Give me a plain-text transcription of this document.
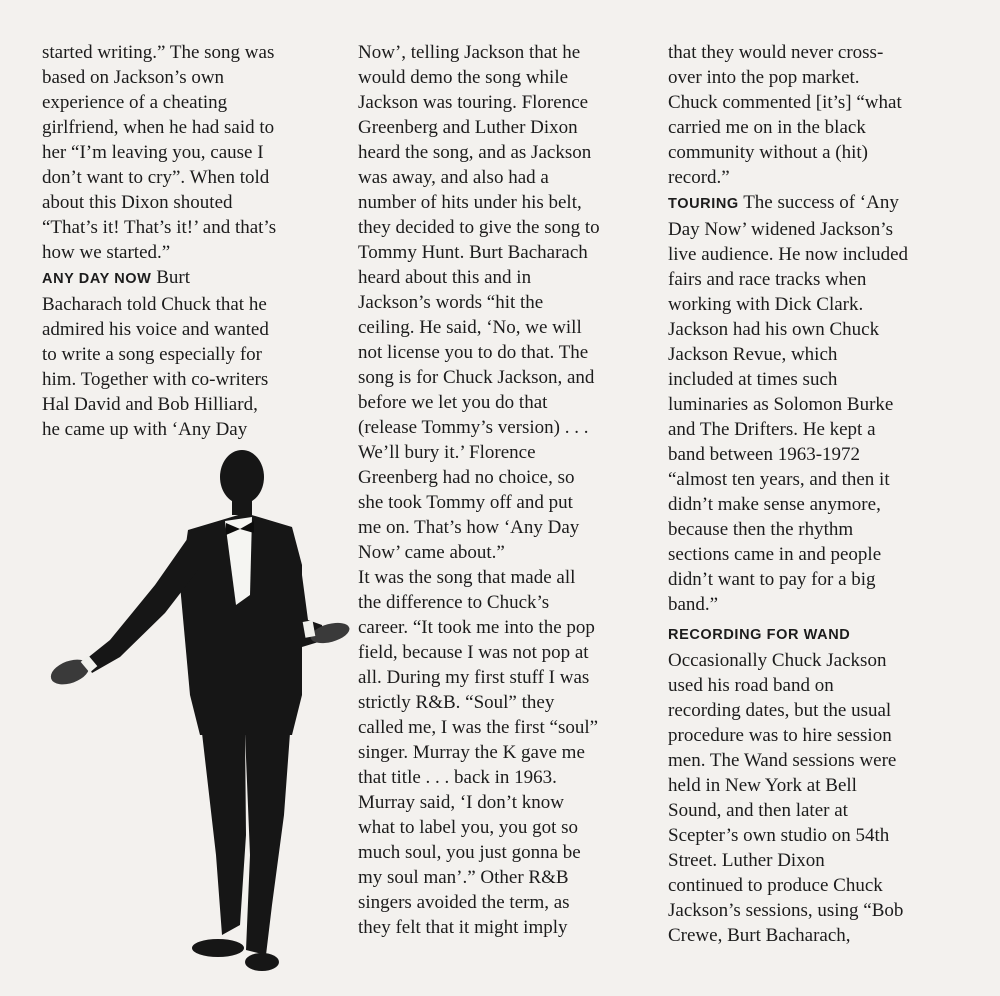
started writing.” The song was
based on Jackson’s own
experience of a cheating
girlfriend, when he had said to
her “I’m leaving you, cause I
don’t want to cry”. When told
about this Dixon shouted
“That’s it! That’s it!’ and that’s
how we started.”

ANY DAY NOW Burt
Bacharach told Chuck that he
admired his voice and wanted
to write a song especially for
him. Together with co-writers
Hal David and Bob Hilliard,
he came up with ‘Any Day

Now’, telling Jackson that he
would demo the song while
Jackson was touring. Florence
Greenberg and Luther Dixon
heard the song, and as Jackson
was away, and also had a
number of hits under his belt,
they decided to give the song to
Tommy Hunt. Burt Bacharach
heard about this and in
Jackson’s words “hit the
ceiling. He said, ‘No, we will
not license you to do that. The
song is for Chuck Jackson, and
before we let you do that
(release Tommy’s version) . . .
We’ll bury it.’ Florence
Greenberg had no choice, so
she took Tommy off and put
me on. That’s how ‘Any Day
Now’ came about.”

It was the song that made all
the difference to Chuck’s
career. “It took me into the pop
field, because I was not pop at
all. During my first stuff I was
strictly R&B. “Soul” they
called me, I was the first “soul”
singer. Murray the K gave me
that title . . . back in 1963.
Murray said, ‘I don’t know
what to label you, you got so
much soul, you just gonna be
my soul man’.” Other R&B
singers avoided the term, as
they felt that it might imply

that they would never cross-
over into the pop market.
Chuck commented [it’s] “what
carried me on in the black
community without a (hit)
record.”

TOURING The success of ‘Any
Day Now’ widened Jackson’s
live audience. He now included
fairs and race tracks when
working with Dick Clark.
Jackson had his own Chuck
Jackson Revue, which
included at times such
luminaries as Solomon Burke
and The Drifters. He kept a
band between 1963-1972
“almost ten years, and then it
didn’t make sense anymore,
because then the rhythm
sections came in and people
didn’t want to pay for a big
band.”

RECORDING FOR WAND

Occasionally Chuck Jackson
used his road band on
recording dates, but the usual
procedure was to hire session
men. The Wand sessions were
held in New York at Bell
Sound, and then later at
Scepter’s own studio on 54th
Street. Luther Dixon
continued to produce Chuck
Jackson’s sessions, using “Bob
Crewe, Burt Bacharach,
